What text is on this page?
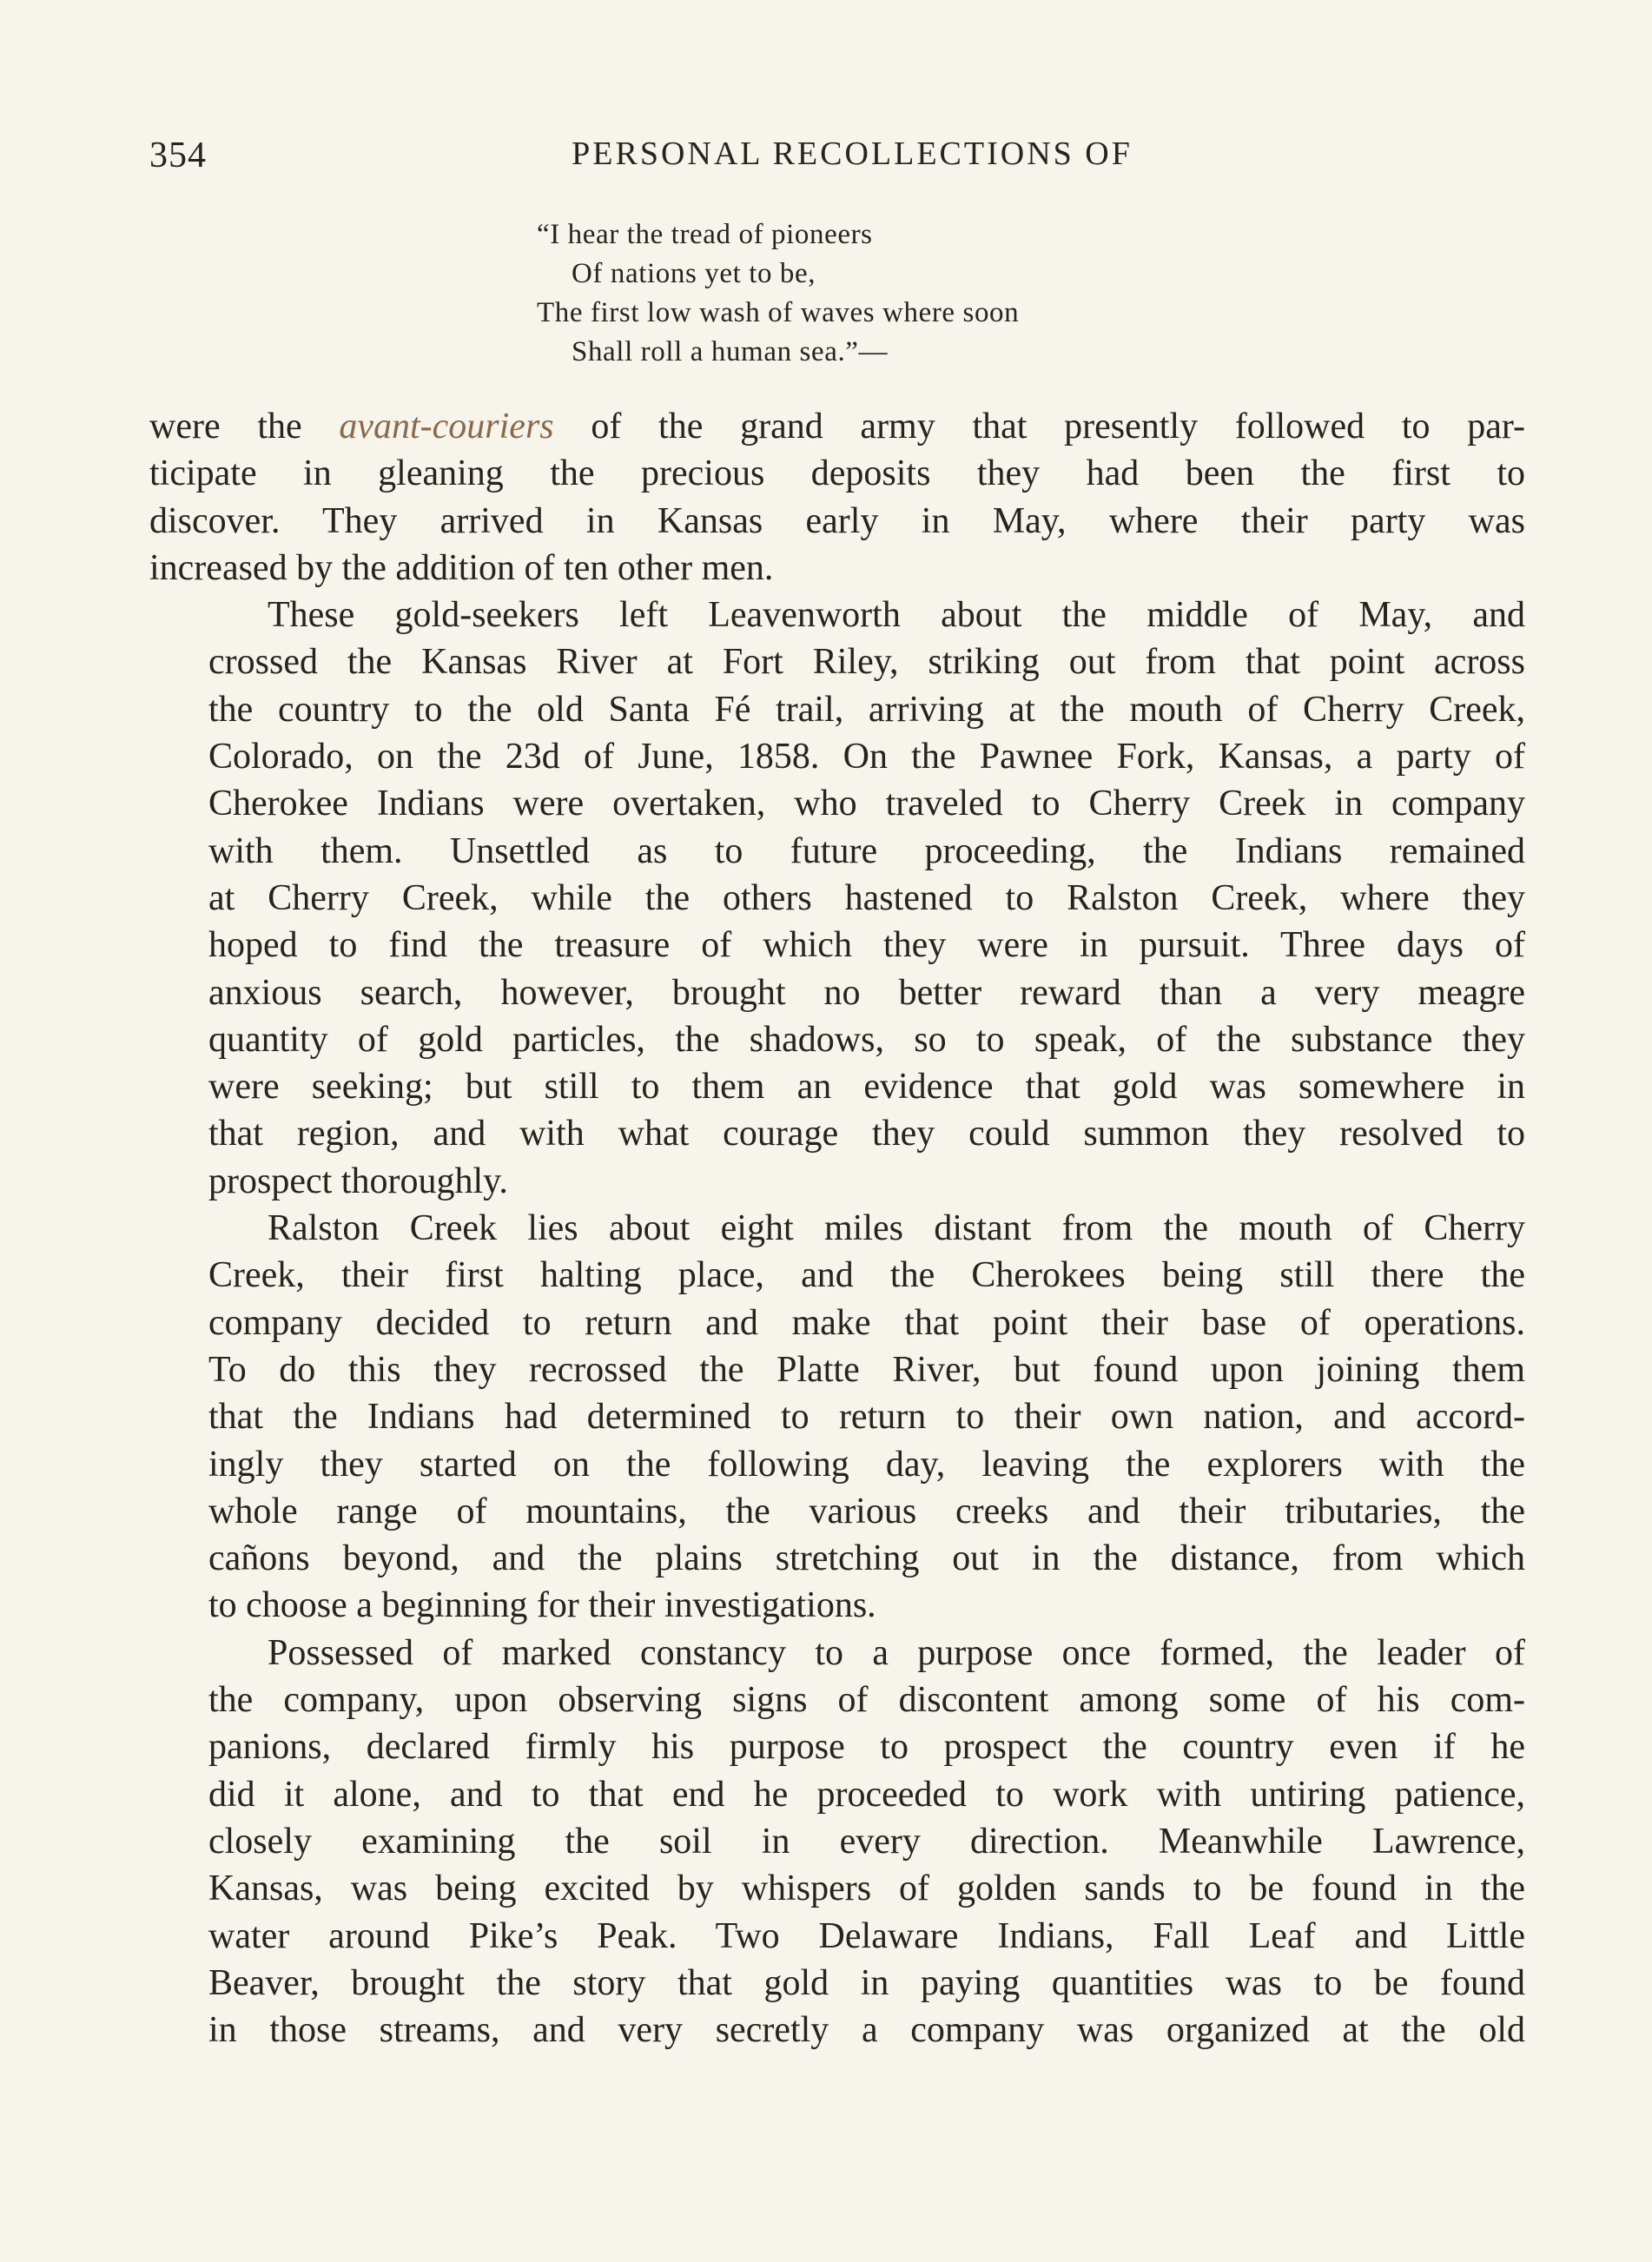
354	PERSONAL RECOLLECTIONS OF
“I hear the tread of pioneers
Of nations yet to be,
The first low wash of waves where soon
Shall roll a human sea.”—
were the avant-couriers of the grand army that presently followed to par-
ticipate in gleaning the precious deposits they had been the first to
discover. They arrived in Kansas early in May, where their party was
increased by the addition of ten other men.
These gold-seekers left Leavenworth about the middle of May, and
crossed the Kansas River at Fort Riley, striking out from that point across
the country to the old Santa Fé trail, arriving at the mouth of Cherry Creek,
Colorado, on the 23d of June, 1858. On the Pawnee Fork, Kansas, a party of
Cherokee Indians were overtaken, who traveled to Cherry Creek in company
with them. Unsettled as to future proceeding, the Indians remained
at Cherry Creek, while the others hastened to Ralston Creek, where they
hoped to find the treasure of which they were in pursuit. Three days of
anxious search, however, brought no better reward than a very meagre
quantity of gold particles, the shadows, so to speak, of the substance they
were seeking; but still to them an evidence that gold was somewhere in
that region, and with what courage they could summon they resolved to
prospect thoroughly.
Ralston Creek lies about eight miles distant from the mouth of Cherry
Creek, their first halting place, and the Cherokees being still there the
company decided to return and make that point their base of operations.
To do this they recrossed the Platte River, but found upon joining them
that the Indians had determined to return to their own nation, and accord-
ingly they started on the following day, leaving the explorers with the
whole range of mountains, the various creeks and their tributaries, the
cañons beyond, and the plains stretching out in the distance, from which
to choose a beginning for their investigations.
Possessed of marked constancy to a purpose once formed, the leader of
the company, upon observing signs of discontent among some of his com-
panions, declared firmly his purpose to prospect the country even if he
did it alone, and to that end he proceeded to work with untiring patience,
closely examining the soil in every direction. Meanwhile Lawrence,
Kansas, was being excited by whispers of golden sands to be found in the
water around Pike’s Peak. Two Delaware Indians, Fall Leaf and Little
Beaver, brought the story that gold in paying quantities was to be found
in those streams, and very secretly a company was organized at the old
